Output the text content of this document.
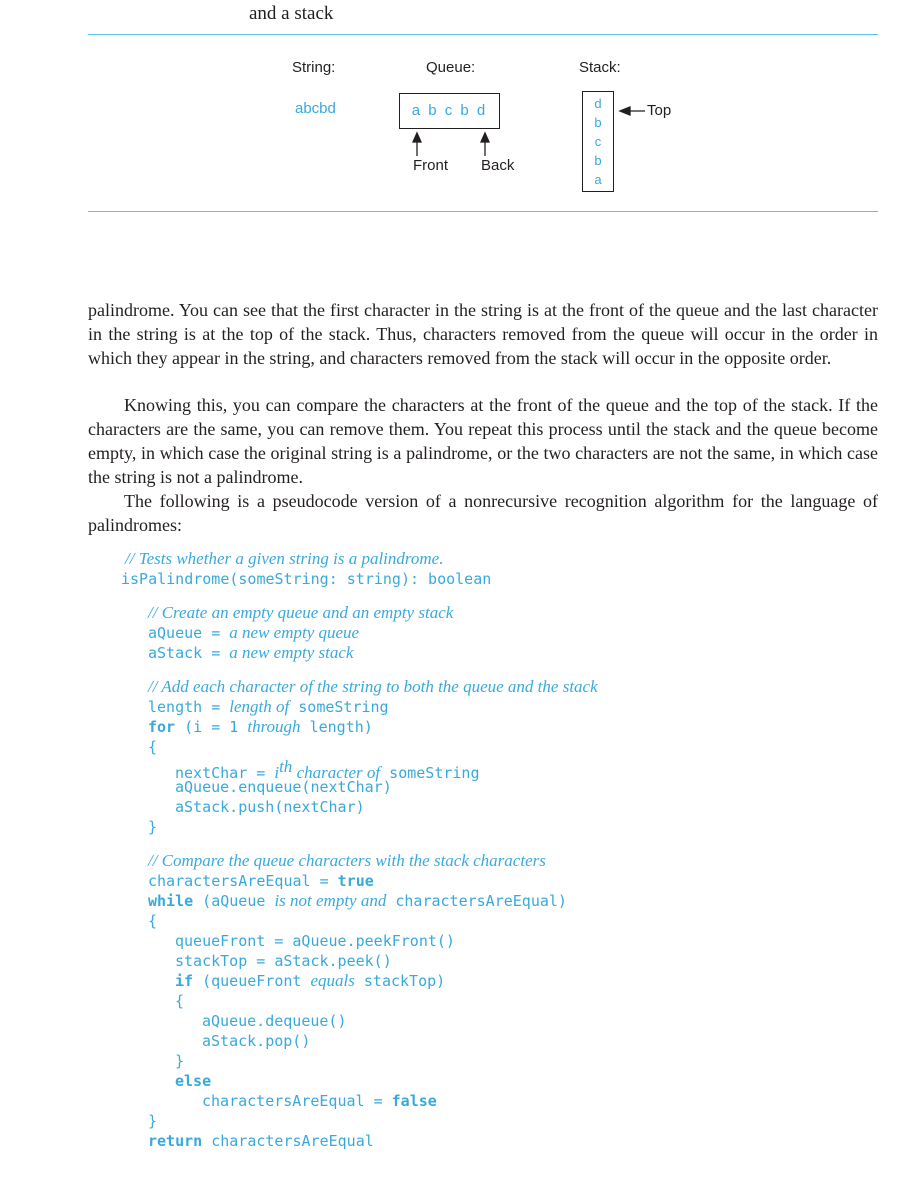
and a stack
String:	Queue:	Stack:
abcbd	a b c b d
Front Back
d
b
c
b
a
Top

palindrome. You can see that the first character in the string is at the front of the queue and the last character in the string is at the top of the stack. Thus, characters removed from the queue will occur in the order in which they appear in the string, and characters removed from the stack will occur in the opposite order.

Knowing this, you can compare the characters at the front of the queue and the top of the stack. If the characters are the same, you can remove them. You repeat this process until the stack and the queue become empty, in which case the original string is a palindrome, or the two characters are not the same, in which case the string is not a palindrome.

The following is a pseudocode version of a nonrecursive recognition algorithm for the language of palindromes:

// Tests whether a given string is a palindrome.
isPalindrome(someString: string): boolean
// Create an empty queue and an empty stack
aQueue = a new empty queue
aStack = a new empty stack
// Add each character of the string to both the queue and the stack
length = length of someString
for (i = 1 through length)
{
nextChar = $i^{th}$ character of someString
aQueue.enqueue(nextChar)
aStack.push(nextChar)
}
// Compare the queue characters with the stack characters
charactersAreEqual = true
while (aQueue is not empty and charactersAreEqual)
{
queueFront = aQueue.peekFront()
stackTop = aStack.peek()
if (queueFront equals stackTop)
{
aQueue.dequeue()
aStack.pop()
}
else
charactersAreEqual = false
}
return charactersAreEqual
